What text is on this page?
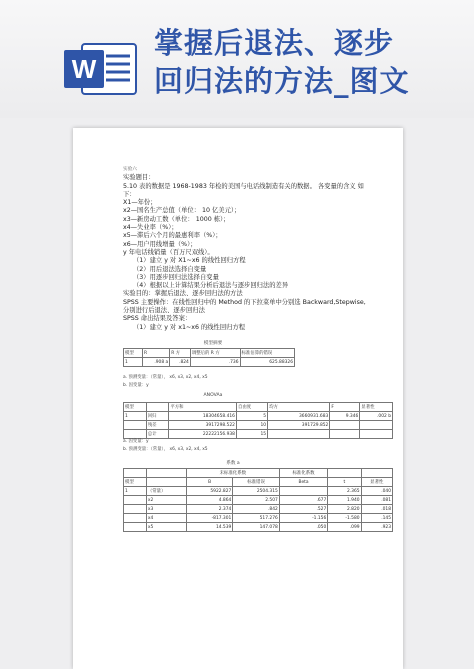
W
掌握后退法、逐步
回归法的方法_图文

实验六

实验题目：

5.10 表的数据是 1968-1983 年检的美国与电话线制造有关的数据。 各变量的含义 如

下：

X1—年份；

x2—国名生产总值（单位： 10 亿美元）；

x3—新房动工数（单位： 1000 栋）；

x4—失业率（%）；

x5—滞后六个月的最惠利率（%）；

x6—用户用线增量（%）；

y 年电话线销量（百万尺双线）。

（1）建立 y 对 X1~x6 的线性回归方程

（2）用后退法选择自变量

（3）用逐步回归法选择自变量

（4）根据以上计算结果分析后退法与逐步回归法的差异

实验目的：掌握后退法、逐步回归法的方法

SPSS 主要操作：在线性回归中的 Method 的下拉菜单中分别选 Backward,Stepwise,

分别进行后退法、逐步回归法

SPSS 命出结果及答案：

（1）建立 y 对 x1~x6 的线性回归方程

模型摘要
模型	R	R 方	调整后的 R 方	标准估算的错误
1	.908 a	.824	.736	625.88326
a. 预测变量：（常量）， x6, x3, x2, x4, x5
b. 因变量：y
ANOVAa
模型		平方和	自由度	均方	F	显著性
1	回归	18304658.416	5	3660931.683	9.346	.002 b
	残差	3917298.522	10	391729.852		
	总计	22222156.938	15			
a. 因变量：y
b. 预测变量：（常量）， x6, x3, x2, x4, x5
系数 a
		未标准化系数		标准化系数		
模型		B	标准错误	Beta	t	显著性
1	（常量）	5922.827	2504.315		2.365	.040
	x2	4.864	2.507	.677	1.940	.081
	x3	2.374	.842	.527	2.820	.018
	x4	-817.301	517.276	-1.156	-1.580	.145
	x5	14.539	147.078	.050	.099	.923
